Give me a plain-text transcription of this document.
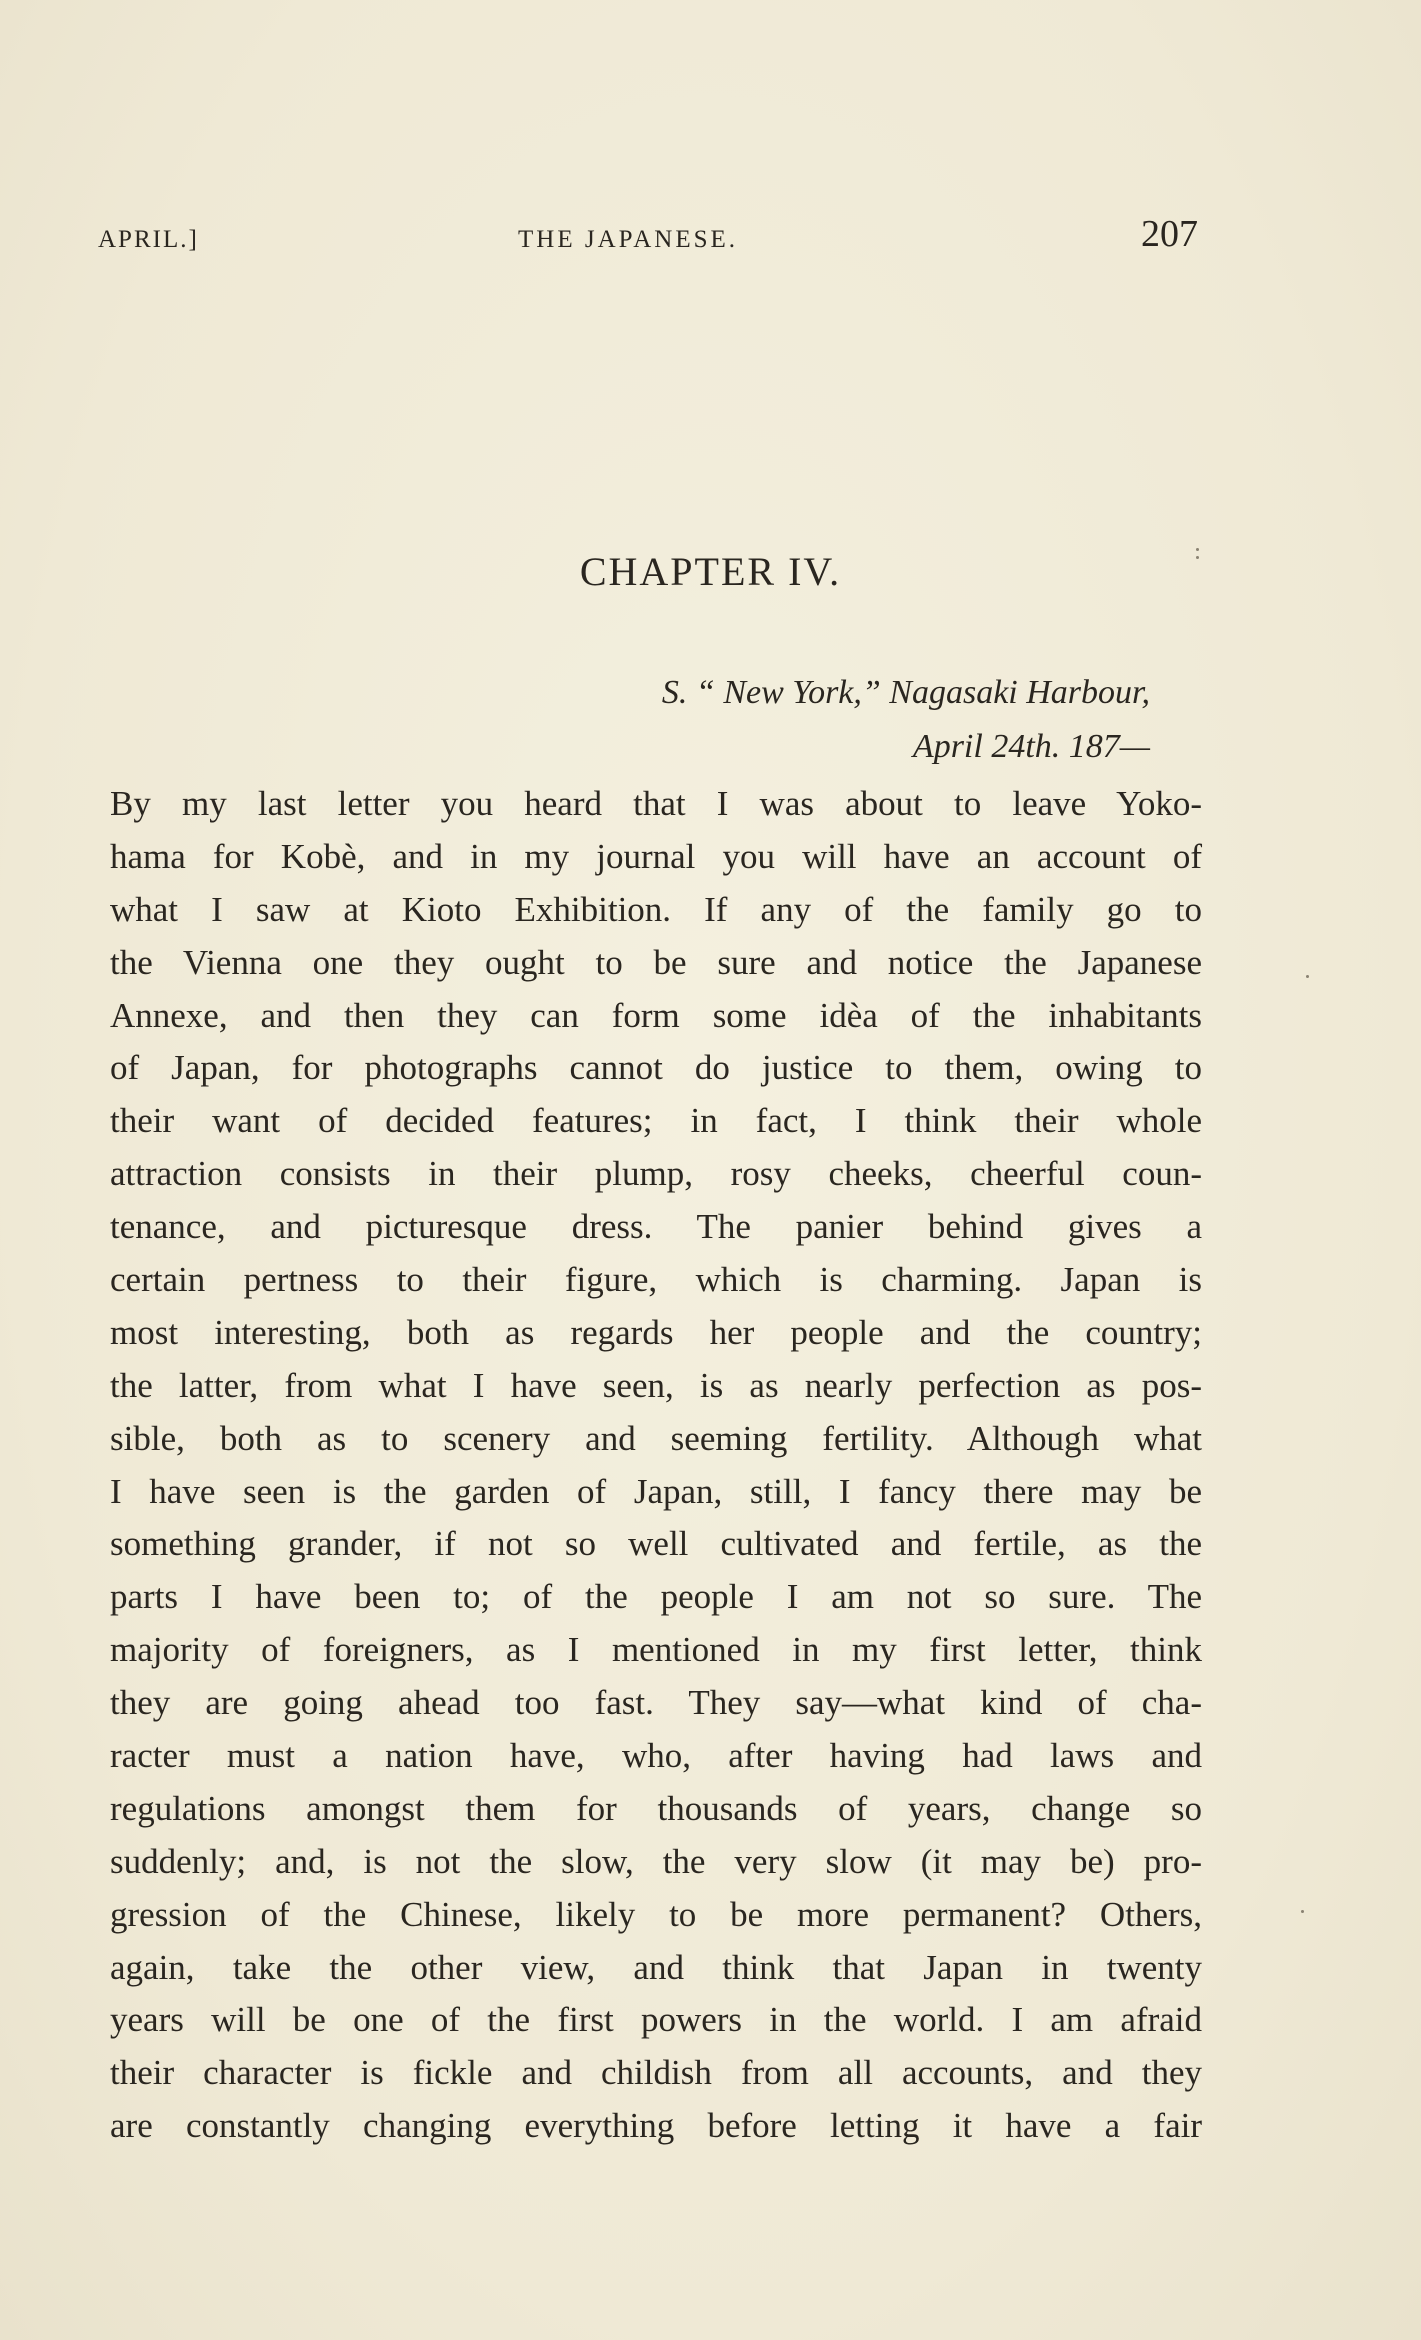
APRIL.]	THE JAPANESE.	207
CHAPTER IV.
S. “ New York,” Nagasaki Harbour,
April 24th. 187—
By my last letter you heard that I was about to leave Yoko-
hama for Kobè, and in my journal you will have an account of
what I saw at Kioto Exhibition. If any of the family go to
the Vienna one they ought to be sure and notice the Japanese
Annexe, and then they can form some idèa of the inhabitants
of Japan, for photographs cannot do justice to them, owing to
their want of decided features; in fact, I think their whole
attraction consists in their plump, rosy cheeks, cheerful coun-
tenance, and picturesque dress. The panier behind gives a
certain pertness to their figure, which is charming. Japan is
most interesting, both as regards her people and the country;
the latter, from what I have seen, is as nearly perfection as pos-
sible, both as to scenery and seeming fertility. Although what
I have seen is the garden of Japan, still, I fancy there may be
something grander, if not so well cultivated and fertile, as the
parts I have been to; of the people I am not so sure. The
majority of foreigners, as I mentioned in my first letter, think
they are going ahead too fast. They say—what kind of cha-
racter must a nation have, who, after having had laws and
regulations amongst them for thousands of years, change so
suddenly; and, is not the slow, the very slow (it may be) pro-
gression of the Chinese, likely to be more permanent? Others,
again, take the other view, and think that Japan in twenty
years will be one of the first powers in the world. I am afraid
their character is fickle and childish from all accounts, and they
are constantly changing everything before letting it have a fair
